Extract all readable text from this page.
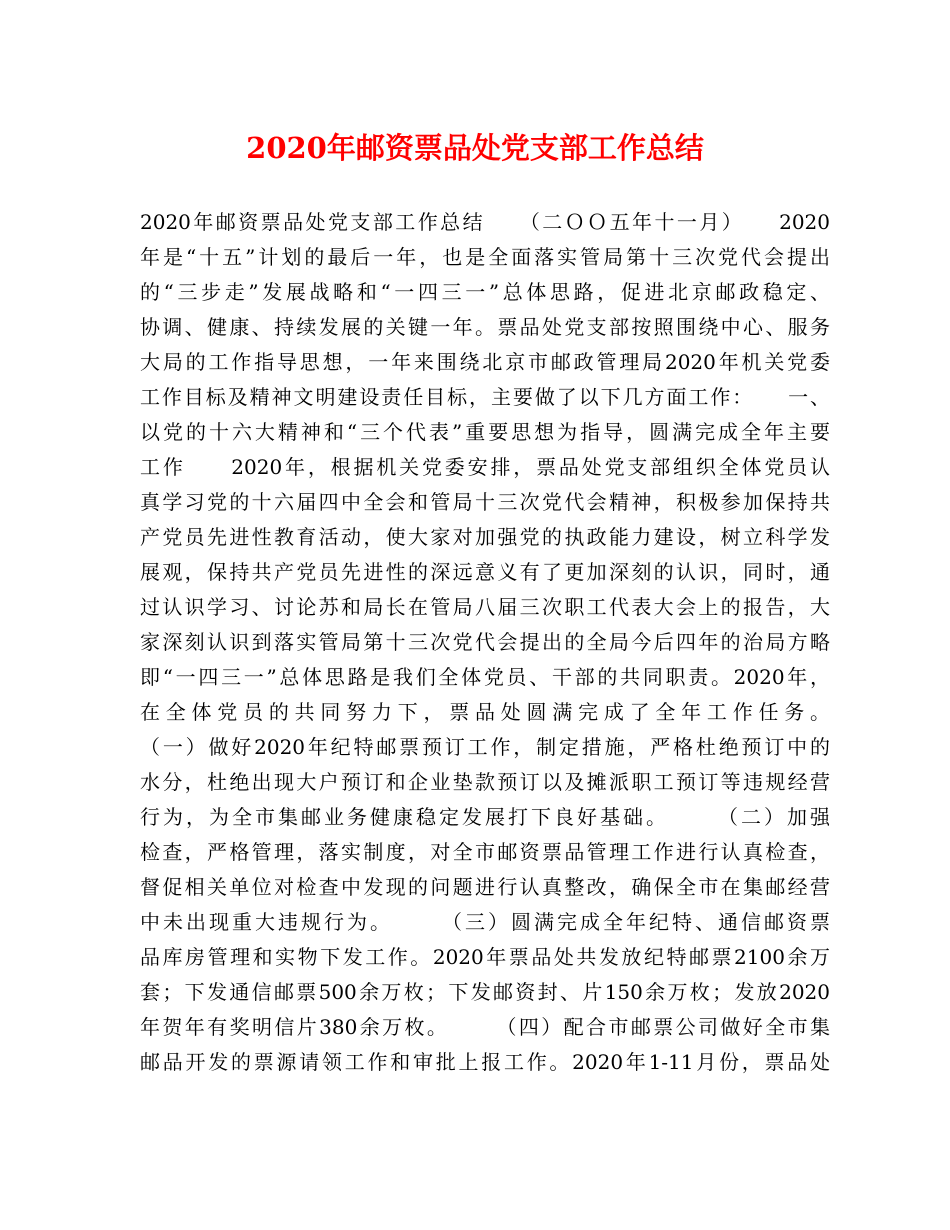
2020年邮资票品处党支部工作总结
2020年邮资票品处党支部工作总结　　（二ＯＯ五年十一月）　　2020
年是“十五”计划的最后一年，也是全面落实管局第十三次党代会提出
的“三步走”发展战略和“一四三一”总体思路，促进北京邮政稳定、
协调、健康、持续发展的关键一年。票品处党支部按照围绕中心、服务
大局的工作指导思想，一年来围绕北京市邮政管理局2020年机关党委
工作目标及精神文明建设责任目标，主要做了以下几方面工作：　　一、
以党的十六大精神和“三个代表”重要思想为指导，圆满完成全年主要
工作　　2020年，根据机关党委安排，票品处党支部组织全体党员认
真学习党的十六届四中全会和管局十三次党代会精神，积极参加保持共
产党员先进性教育活动，使大家对加强党的执政能力建设，树立科学发
展观，保持共产党员先进性的深远意义有了更加深刻的认识，同时，通
过认识学习、讨论苏和局长在管局八届三次职工代表大会上的报告，大
家深刻认识到落实管局第十三次党代会提出的全局今后四年的治局方略
即“一四三一”总体思路是我们全体党员、干部的共同职责。2020年，
在全体党员的共同努力下，票品处圆满完成了全年工作任务。
（一）做好2020年纪特邮票预订工作，制定措施，严格杜绝预订中的
水分，杜绝出现大户预订和企业垫款预订以及摊派职工预订等违规经营
行为，为全市集邮业务健康稳定发展打下良好基础。　　　（二）加强
检查，严格管理，落实制度，对全市邮资票品管理工作进行认真检查，
督促相关单位对检查中发现的问题进行认真整改，确保全市在集邮经营
中未出现重大违规行为。　　　（三）圆满完成全年纪特、通信邮资票
品库房管理和实物下发工作。2020年票品处共发放纪特邮票2100余万
套；下发通信邮票500余万枚；下发邮资封、片150余万枚；发放2020
年贺年有奖明信片380余万枚。　　　（四）配合市邮票公司做好全市集
邮品开发的票源请领工作和审批上报工作。2020年1-11月份，票品处
